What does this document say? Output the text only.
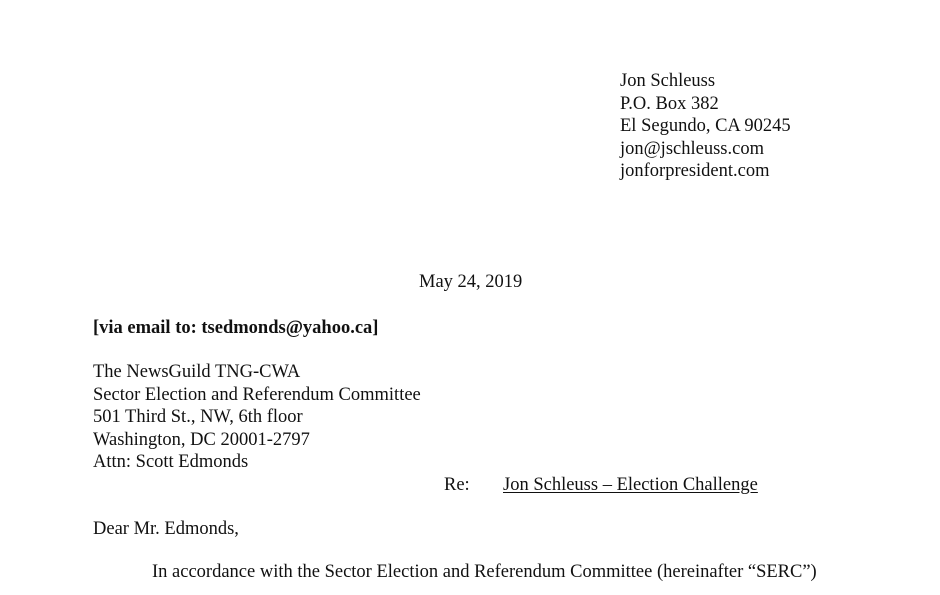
Jon Schleuss
P.O. Box 382
El Segundo, CA 90245
jon@jschleuss.com
jonforpresident.com
May 24, 2019
[via email to: tsedmonds@yahoo.ca]
The NewsGuild TNG-CWA
Sector Election and Referendum Committee
501 Third St., NW, 6th floor
Washington, DC 20001-2797
Attn: Scott Edmonds
Re: Jon Schleuss – Election Challenge
Dear Mr. Edmonds,
In accordance with the Sector Election and Referendum Committee (hereinafter “SERC”)
